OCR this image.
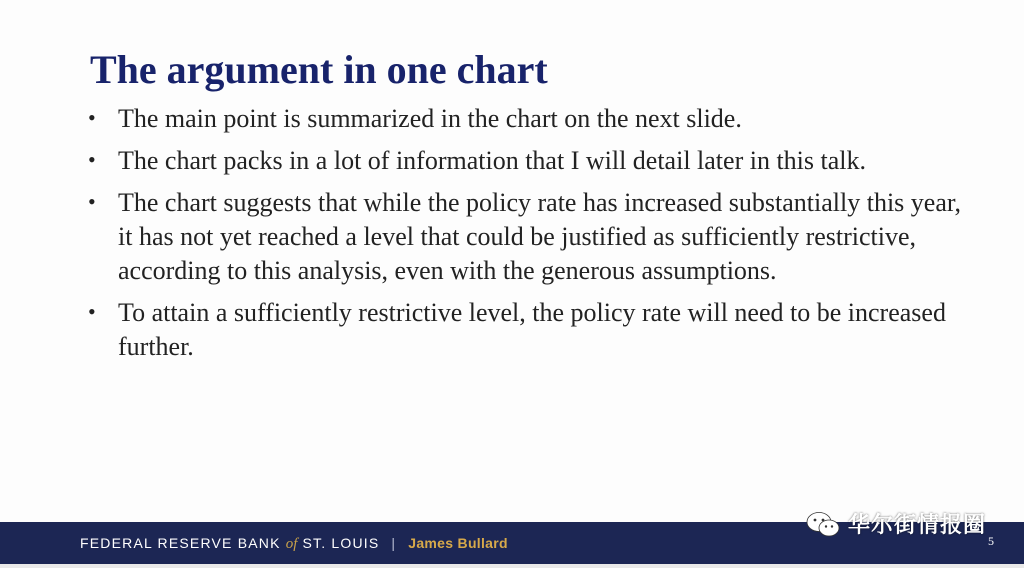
The argument in one chart
• The main point is summarized in the chart on the next slide.
• The chart packs in a lot of information that I will detail later in this talk.
• The chart suggests that while the policy rate has increased substantially this year, it has not yet reached a level that could be justified as sufficiently restrictive, according to this analysis, even with the generous assumptions.
• To attain a sufficiently restrictive level, the policy rate will need to be increased further.
FEDERAL RESERVE BANK of ST. LOUIS | James Bullard
华尔街情报圈
5
